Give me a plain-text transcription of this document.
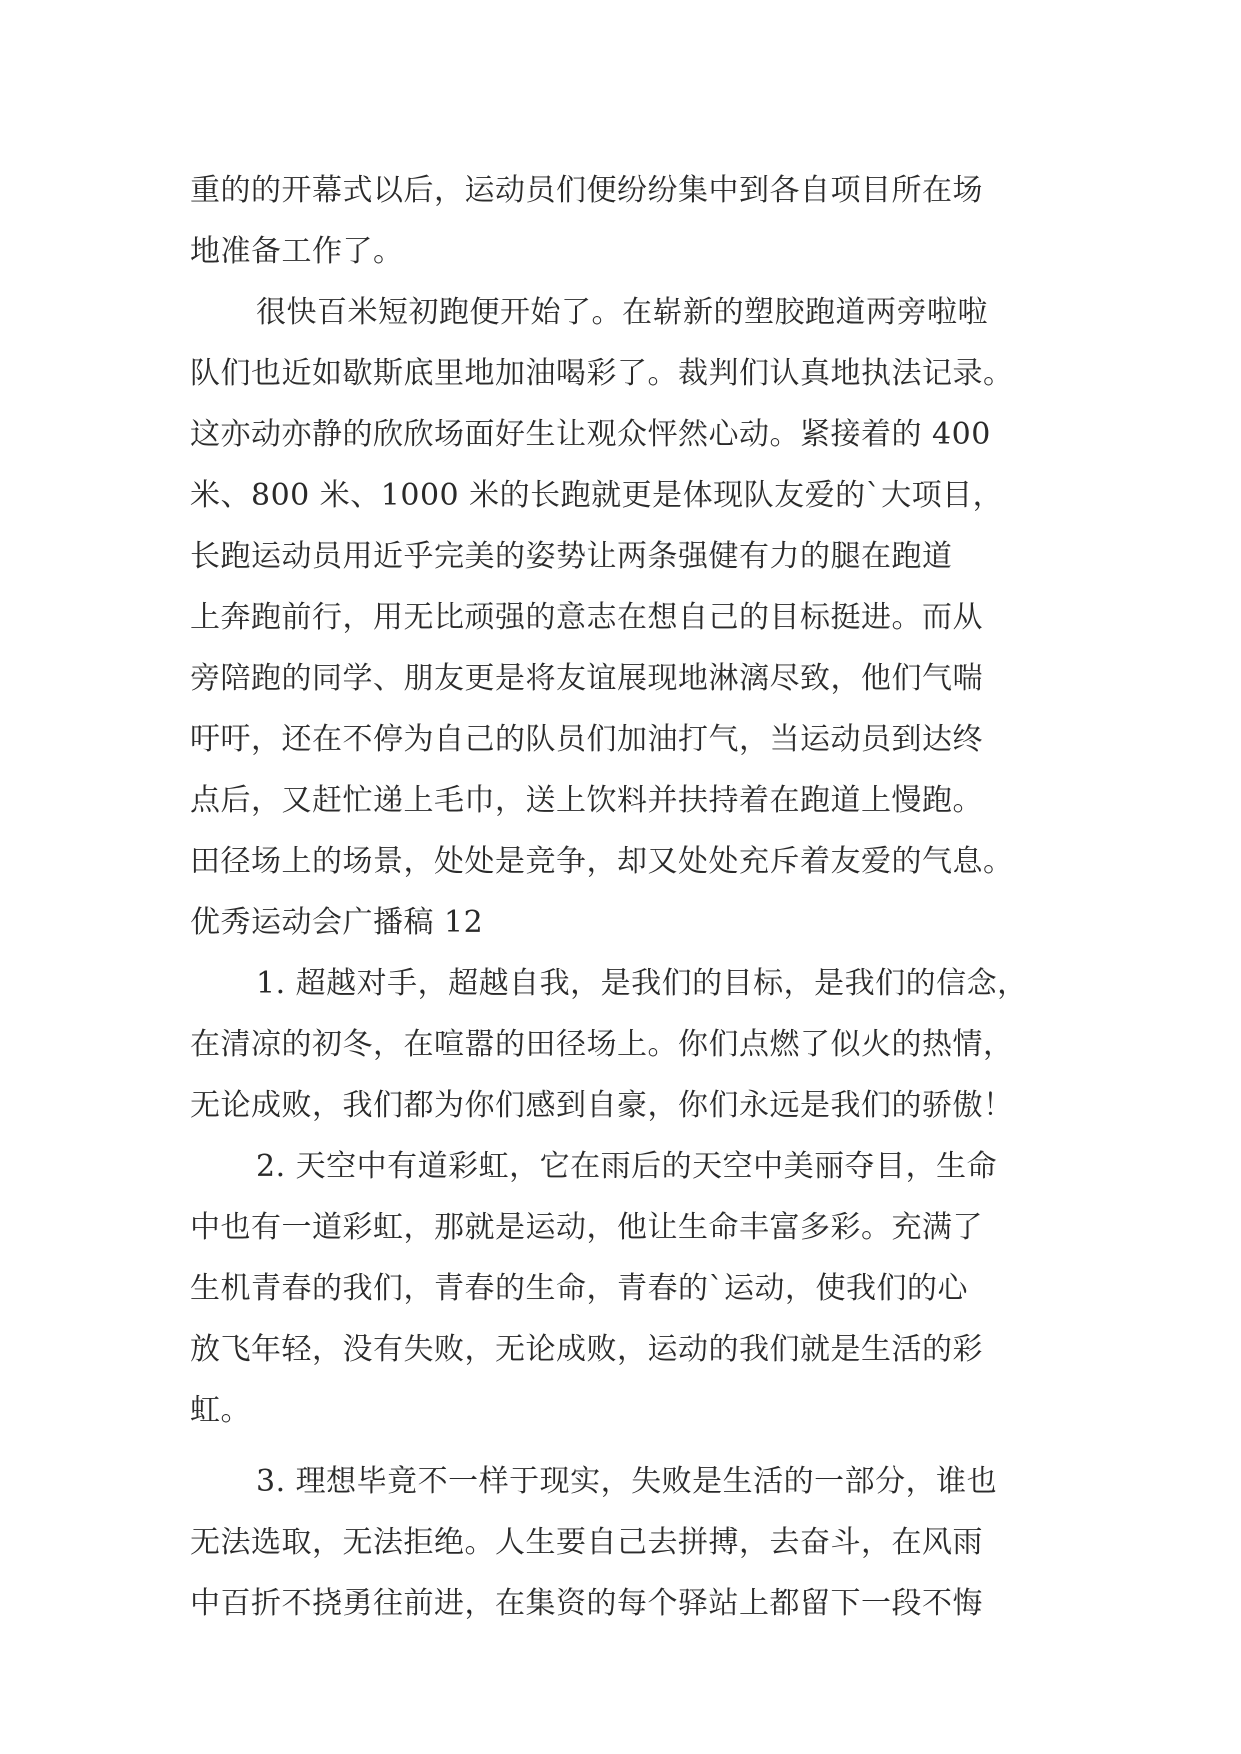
重的的开幕式以后，运动员们便纷纷集中到各自项目所在场
地准备工作了。
很快百米短初跑便开始了。在崭新的塑胶跑道两旁啦啦
队们也近如歇斯底里地加油喝彩了。裁判们认真地执法记录。
这亦动亦静的欣欣场面好生让观众怦然心动。紧接着的 400
米、800 米、1000 米的长跑就更是体现队友爱的`大项目，
长跑运动员用近乎完美的姿势让两条强健有力的腿在跑道
上奔跑前行，用无比顽强的意志在想自己的目标挺进。而从
旁陪跑的同学、朋友更是将友谊展现地淋漓尽致，他们气喘
吁吁，还在不停为自己的队员们加油打气，当运动员到达终
点后，又赶忙递上毛巾，送上饮料并扶持着在跑道上慢跑。
田径场上的场景，处处是竞争，却又处处充斥着友爱的气息。
优秀运动会广播稿 12
1. 超越对手，超越自我，是我们的目标，是我们的信念，
在清凉的初冬，在喧嚣的田径场上。你们点燃了似火的热情，
无论成败，我们都为你们感到自豪，你们永远是我们的骄傲！
2. 天空中有道彩虹，它在雨后的天空中美丽夺目，生命
中也有一道彩虹，那就是运动，他让生命丰富多彩。充满了
生机青春的我们，青春的生命，青春的`运动，使我们的心
放飞年轻，没有失败，无论成败，运动的我们就是生活的彩
虹。
3. 理想毕竟不一样于现实，失败是生活的一部分，谁也
无法选取，无法拒绝。人生要自己去拼搏，去奋斗，在风雨
中百折不挠勇往前进，在集资的每个驿站上都留下一段不悔
